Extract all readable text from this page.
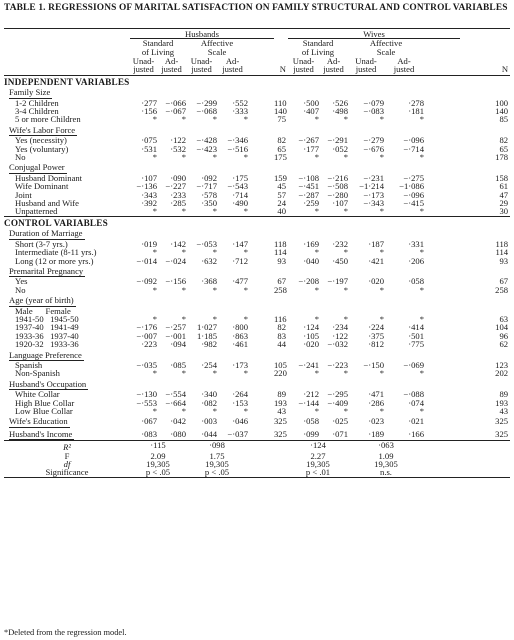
TABLE 1. REGRESSIONS OF MARITAL SATISFACTION ON FAMILY STRUCTURAL AND CONTROL VARIABLES
	Husbands						Wives					
	Standard		Affective				Standard		Affective			
	of Living		Scale				of Living		Scale			
	Unad-	Ad-	Unad-	Ad-			Unad-	Ad-	Unad-	Ad-		
	justed	justed	justed	justed		N	justed	justed	justed	justed		N
INDEPENDENT VARIABLES												
Family Size												
1-2 Children	·277	−·066	−·299	·552		110	·500	·526	−·079	·278		100
3-4 Children	·156	−·067	−·068	·333		140	·407	·498	−·083	·181		140
5 or more Children	*	*	*	*		75	*	*	*	*		85
Wife's Labor Force												
Yes (necessity)	·075	·122	−·428	−·346		82	−·267	−·291	−·279	−·096		82
Yes (voluntary)	·531	·532	−·423	−·516		65	·177	·052	−·676	−·714		65
No	*	*	*	*		175	*	*	*	*		178
Conjugal Power												
Husband Dominant	·107	·090	·092	·175		159	−·108	−·216	−·231	−·275		158
Wife Dominant	−·136	−·227	−·717	−·543		45	−·451	−·508	−1·214	−1·086		61
Joint	·343	·233	·578	·714		57	−·287	−·280	−·173	−·096		47
Husband and Wife	·392	·285	·350	·490		24	·259	·107	−·343	−·415		29
Unpatterned	*	*	*	*		40	*	*	*	*		30
CONTROL VARIABLES												
Duration of Marriage												
Short (3-7 yrs.)	·019	·142	−·053	·147		118	·169	·232	·187	·331		118
Intermediate (8-11 yrs.)	*	*	*	*		114	*	*	*	*		114
Long (12 or more yrs.)	−·014	−·024	·632	·712		93	·040	·450	·421	·206		93
Premarital Pregnancy												
Yes	−·092	−·156	·368	·477		67	−·208	−·197	·020	·058		67
No	*	*	*	*		258	*	*	*	*		258
Age (year of birth)												
Male      Female												
1941-50   1945-50	*	*	*	*		116	*	*	*	*		63
1937-40   1941-49	−·176	−·257	1·027	·800		82	·124	·234	·224	·414		104
1933-36   1937-40	−·007	−·001	1·185	·863		83	·105	·122	·375	·501		96
1920-32   1933-36	·223	·094	·982	·461		44	·020	−·032	·812	·775		62
Language Preference												
Spanish	−·035	·085	·254	·173		105	−·241	−·223	−·150	−·069		123
Non-Spanish	*	*	*	*		220	*	*	*	*		202
Husband's Occupation												
White Collar	−·130	−·554	·340	·264		89	·212	−·295	·471	−·088		89
High Blue Collar	−·553	−·664	·082	·153		193	−·144	−·409	·286	·074		193
Low Blue Collar	*	*	*	*		43	*	*	*	*		43
Wife's Education	·067	·042	·003	·046		325	·058	·025	·023	·021		325
Husband's Income	·083	·080	·044	−·037		325	·099	·071	·189	·166		325
R²	·115		·098				·124		·063			
F	2.09		1.75				2.27		1.09			
df	19,305		19,305				19,305		19,305			
Significance	p < .05		p < .05				p < .01		n.s.			
*Deleted from the regression model.
